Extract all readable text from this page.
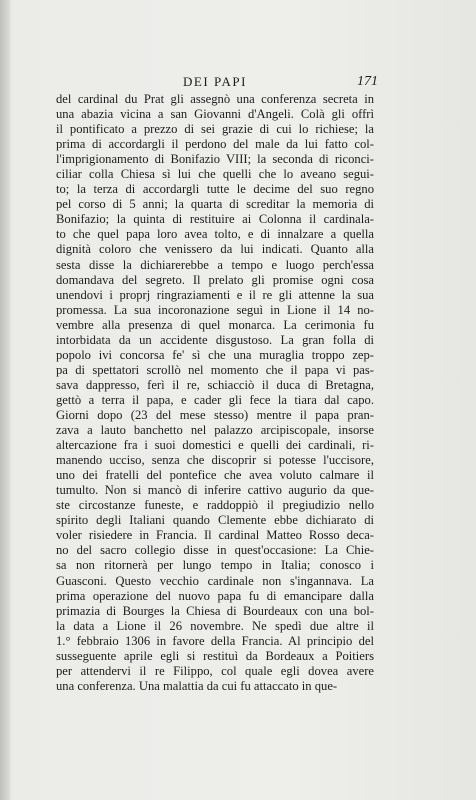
DEI PAPI	171
del cardinal du Prat gli assegnò una conferenza secreta in
una abazia vicina a san Giovanni d'Angeli. Colà gli offrì
il pontificato a prezzo di sei grazie di cui lo richiese; la
prima di accordargli il perdono del male da lui fatto col-
l'imprigionamento di Bonifazio VIII; la seconda di riconci-
ciliar colla Chiesa sì lui che quelli che lo aveano segui-
to; la terza di accordargli tutte le decime del suo regno
pel corso di 5 anni; la quarta di screditar la memoria di
Bonifazio; la quinta di restituire ai Colonna il cardinala-
to che quel papa loro avea tolto, e di innalzare a quella
dignità coloro che venissero da lui indicati. Quanto alla
sesta disse la dichiarerebbe a tempo e luogo perch'essa
domandava del segreto. Il prelato gli promise ogni cosa
unendovi i proprj ringraziamenti e il re gli attenne la sua
promessa. La sua incoronazione seguì in Lione il 14 no-
vembre alla presenza di quel monarca. La cerimonia fu
intorbidata da un accidente disgustoso. La gran folla di
popolo ivi concorsa fe' sì che una muraglia troppo zep-
pa di spettatori scrollò nel momento che il papa vi pas-
sava dappresso, ferì il re, schiacciò il duca di Bretagna,
gettò a terra il papa, e cader gli fece la tiara dal capo.
Giorni dopo (23 del mese stesso) mentre il papa pran-
zava a lauto banchetto nel palazzo arcipiscopale, insorse
altercazione fra i suoi domestici e quelli dei cardinali, ri-
manendo ucciso, senza che discoprir si potesse l'uccisore,
uno dei fratelli del pontefice che avea voluto calmare il
tumulto. Non si mancò di inferire cattivo augurio da que-
ste circostanze funeste, e raddoppiò il pregiudizio nello
spirito degli Italiani quando Clemente ebbe dichiarato di
voler risiedere in Francia. Il cardinal Matteo Rosso deca-
no del sacro collegio disse in quest'occasione: La Chie-
sa non ritornerà per lungo tempo in Italia; conosco i
Guasconi. Questo vecchio cardinale non s'ingannava. La
prima operazione del nuovo papa fu di emancipare dalla
primazia di Bourges la Chiesa di Bourdeaux con una bol-
la data a Lione il 26 novembre. Ne spedì due altre il
1.° febbraio 1306 in favore della Francia. Al principio del
susseguente aprile egli si restituì da Bordeaux a Poitiers
per attendervi il re Filippo, col quale egli dovea avere
una conferenza. Una malattia da cui fu attaccato in que-
